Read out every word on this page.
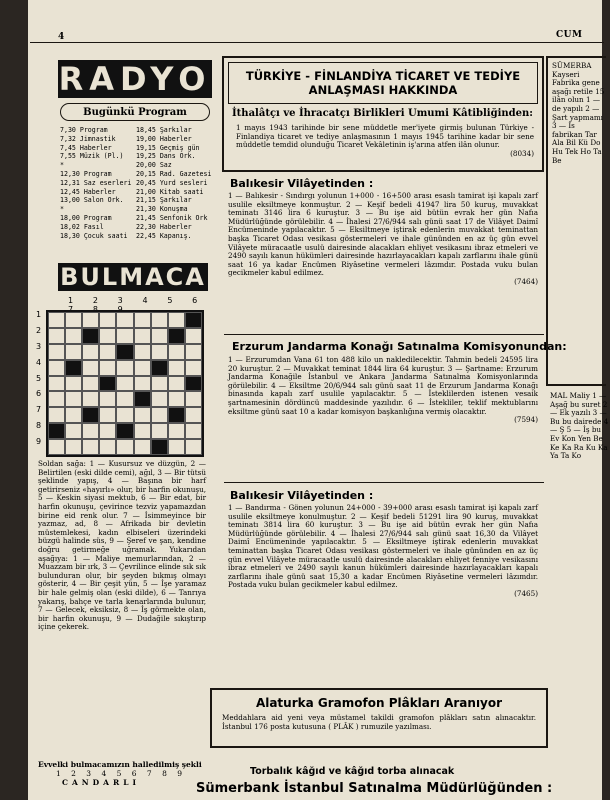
4	CUM
RADYO
Bugünkü Program
7,30 Program	18,45 Şarkılar
7,32 Jimnastik	19,00 Haberler
7,45 Haberler	19,15 Geçmiş gün
7,55 Müzik (Pl.)	19,25 Dans Ork.
*	20,00 Saz
12,30 Program	20,15 Rad. Gazetesi
12,31 Saz eserleri 20,45 Yurd sesleri
12,45 Haberler	21,00 Kitab saati
13,00 Salon Ork.	21,15 Şarkılar
*	21,30 Konuşma
18,00 Program	21,45 Senfonik Ork
18,02 Fasıl	22,30 Haberler
18,30 Çocuk saati	22,45 Kapanış.
BULMACA
1 2 3 4 5 6 7 8 9
1
2
3
4
5
6
7
8
9
Soldan sağa: 1 — Kusursuz ve düzgün, 2 — Belirtilen (eski dilde cemi), ağıl, 3 — Bir tütsü şeklinde yapış, 4 — Başına bir harf getirirseniz «hayırlı» olur, bir harfin okunuşu, 5 — Keskin siyasi mektub, 6 — Bir edat, bir harfin okunuşu, çevirince tezviz yapamazdan birine eid renk olur. 7 — İsimmeyince bir yazmaz, ad, 8 — Afrikada bir devletin müstemlekesi, kadın elbiseleri üzerindeki büzgü halinde süs, 9 — Şeref ve şan, kendine doğru getirmeğe uğramak. Yukarıdan aşağıya: 1 — Maliye memurlarından, 2 — Muazzam bir ırk, 3 — Çevrilince elinde sık sık bulunduran olur, bir şeyden bıkmış olmayı gösterir, 4 — Bir çeşit yün, 5 — İşe yaramaz bir hale gelmiş olan (eski dilde), 6 — Tanrıya yakarış, bahçe ve tarla kenarlarında bulunur, 7 — Gelecek, eksiksiz, 8 — İş görmekte olan, bir harfin okunuşu, 9 — Dudağile sıkıştırıp içine çekerek.
Evvelki bulmacamızın halledilmiş şekli
1 2 3 4 5 6 7 8 9
CANDARLI
TÜRKİYE - FİNLANDİYA TİCARET VE TEDİYE
ANLAŞMASI HAKKINDA
İthalâtçı ve İhracatçı Birlikleri Umumi Kâtibliğinden:
1 mayıs 1943 tarihinde bir sene müddetle mer'iyete girmiş bulunan Türkiye - Finlandiya ticaret ve tediye anlaşmasının 1 mayıs 1945 tarihine kadar bir sene müddetle temdid olunduğu Ticaret Vekâletinin iş'arına atfen ilân olunur.
(8034)
Balıkesir Vilâyetinden :
1 — Balıkesir - Sındırgı yolunun 1+000 - 16+500 arası esaslı tamirat işi kapalı zarf usulile eksiltmeye konmuştur. 2 — Keşif bedeli 41947 lira 50 kuruş, muvakkat teminatı 3146 lira 6 kuruştur. 3 — Bu işe aid bütün evrak her gün Nafıa Müdürlüğünde görülebilir. 4 — İhalesi 27/6/944 salı günü saat 17 de Vilâyet Daimî Encümeninde yapılacaktır. 5 — Eksiltmeye iştirak edenlerin muvakkat teminattan başka Ticaret Odası vesikası göstermeleri ve ihale gününden en az üç gün evvel Vilâyete müracaatle usulü dairesinde alacakları ehliyet vesikasını ibraz etmeleri ve 2490 sayılı kanun hükümleri dairesinde hazırlayacakları kapalı zarflarını ihale günü saat 16 ya kadar Encümen Riyâsetine vermeleri lâzımdır. Postada vuku bulan gecikmeler kabul edilmez.
(7464)
Erzurum Jandarma Konağı Satınalma Komisyonundan:
1 — Erzurumdan Vana 61 ton 488 kilo un nakledilecektir. Tahmin bedeli 24595 lira 20 kuruştur. 2 — Muvakkat teminat 1844 lira 64 kuruştur. 3 — Şartname: Erzurum Jandarma Konağile İstanbul ve Ankara Jandarma Satınalma Komisyonlarında görülebilir. 4 — Eksiltme 20/6/944 salı günü saat 11 de Erzurum Jandarma Konağı binasında kapalı zarf usulile yapılacaktır. 5 — İsteklilerden istenen vesaik şartnamesinin dördüncü maddesinde yazılıdır. 6 — İstekliler, teklif mektublarını eksiltme günü saat 10 a kadar komisyon başkanlığına vermiş olacaktır.
(7594)
Balıkesir Vilâyetinden :
1 — Bandırma - Gönen yolunun 24+000 - 39+000 arası esaslı tamirat işi kapalı zarf usulile eksiltmeye konulmuştur. 2 — Keşif bedeli 51291 lira 90 kuruş, muvakkat teminatı 3814 lira 60 kuruştur. 3 — Bu işe aid bütün evrak her gün Nafıa Müdürlüğünde görülebilir. 4 — İhalesi 27/6/944 salı günü saat 16,30 da Vilâyet Daimî Encümeninde yapılacaktır. 5 — Eksiltmeye iştirak edenlerin muvakkat teminattan başka Ticaret Odası vesikası göstermeleri ve ihale gününden en az üç gün evvel Vilâyete müracaatle usulü dairesinde alacakları ehliyet fenniye vesikasını ibraz etmeleri ve 2490 sayılı kanun hükümleri dairesinde hazırlayacakları kapalı zarflarını ihale günü saat 15,30 a kadar Encümen Riyâsetine vermeleri lâzımdır. Postada vuku bulan gecikmeler kabul edilmez.
(7465)
Alaturka Gramofon Plâkları Aranıyor
Meddahlara aid yeni veya müstamel takildi gramofon plâkları satın alınacaktır. İstanbul 176 posta kutusuna ( PLÂK ) rumuzile yazılması.
Torbalık kâğıd ve kâğıd torba alınacak
Sümerbank İstanbul Satınalma Müdürlüğünden :
SÜMERBA Kayseri Fabrika gene aşağı retile 15 ilân olun 1 — de yapılı 2 — Şart yapmamı 3 — İs fabrikan Tar Ala Bil Kü Do Hu Tek Ho Ta Be
MAL Maliy 1 — Aşağ bu suret 2 — Ek yazılı 3 — Bu bu dairede 4 — Ş 5 — İş bu Ev Kon Yen Be Ke Ka Ra Ku Ka Ya Ta Ko
